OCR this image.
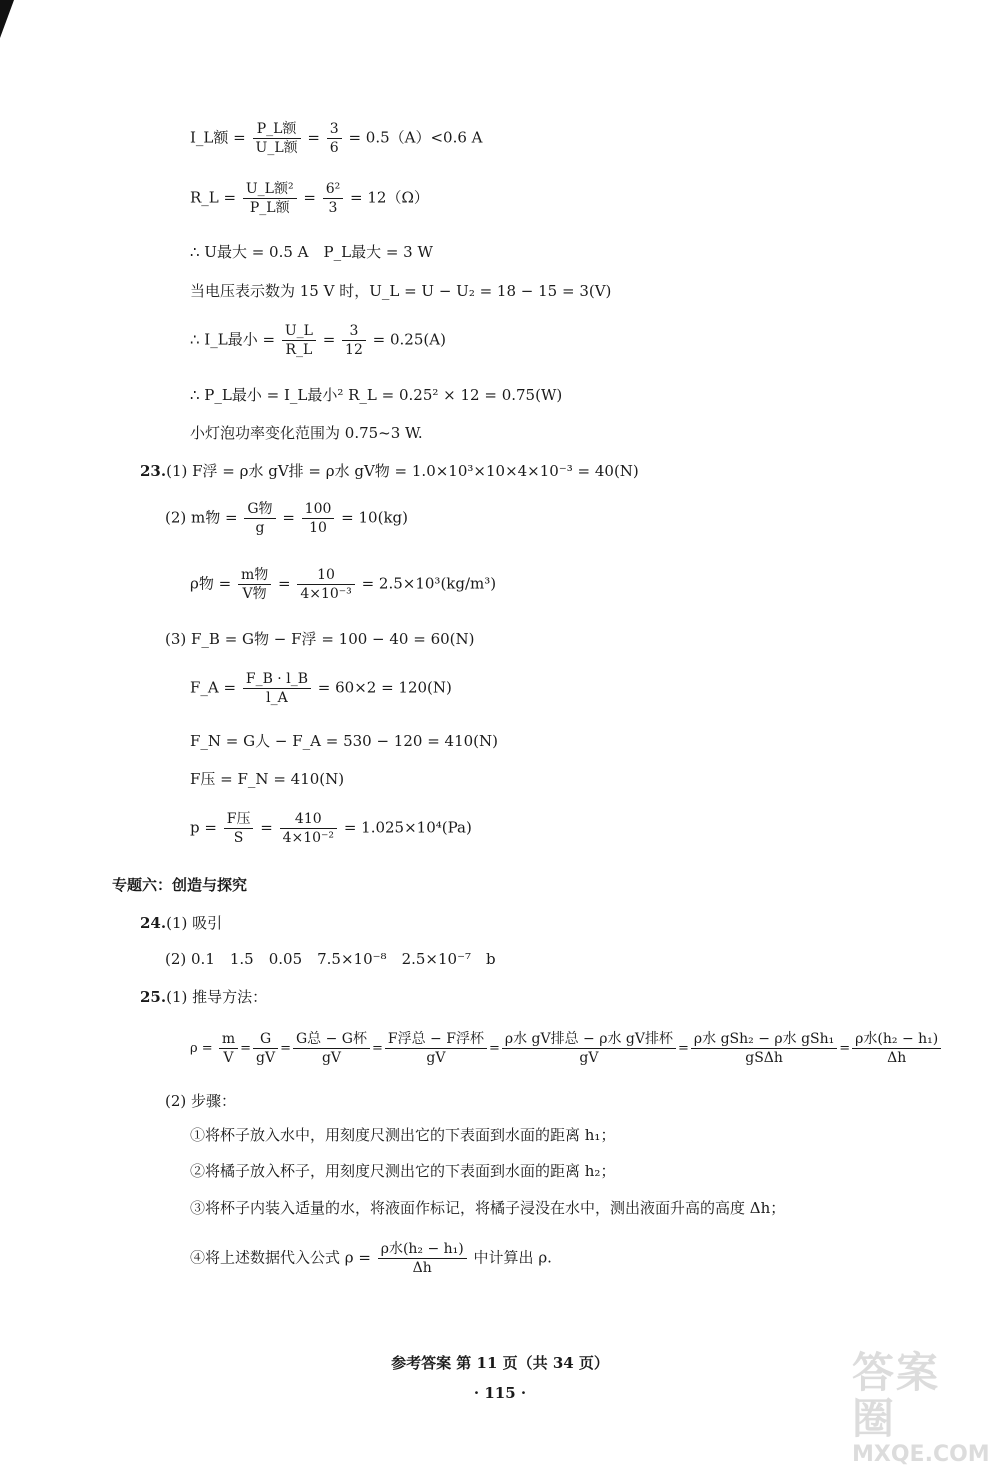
I_L额 = $\frac{\text{P\_L额}}{\text{U\_L额}} = \frac{3}{6} = 0.5(A)<0.6$ A
R_L = $\frac{\text{U\_L额²}}{\text{P\_L额}} = \frac{\text{6²}}{3} = 12(\Omega)$
∴ U最大 = 0.5 A　P_L最大 = 3 W
当电压表示数为 15 V 时，U_L = U − U₂ = 18 − 15 = 3(V)
∴ I_L最小 = $\frac{U\_L}{R\_L} = \frac{3}{12} = 0.25(A)$
∴ P_L最小 = I_L最小² R_L = 0.25² × 12 = 0.75(W)
小灯泡功率变化范围为 0.75~3 W.
23.(1) F浮 = ρ水 gV排 = ρ水 gV物 = 1.0×10³×10×4×10⁻³ = 40(N)
(2) m物 = $\frac{\text{G物}}{g} = \frac{100}{10} = 10(kg)$
ρ物 = $\frac{\text{m物}}{\text{V物}} = \frac{10}{\text{4×10⁻³}} = 2.5\times 10^3(kg/m^3)$
(3) F_B = G物 − F浮 = 100 − 40 = 60(N)
F_A = $\frac{F\_B \cdot l\_B}{l\_A} = 60\times 2 = 120(N)$
F_N = G人 − F_A = 530 − 120 = 410(N)
F压 = F_N = 410(N)
$p = \frac{\text{F压}}{S} = \frac{410}{\text{4×10⁻²}} = 1.025\times 10^4(Pa)$
专题六：创造与探究
24.(1) 吸引
(2) 0.1　1.5　0.05　7.5×10⁻⁸　2.5×10⁻⁷　b
25.(1) 推导方法：
$\rho = \frac{m}{V} = \frac{G}{gV} = \frac{\text{G总 − G杯}}{gV} = \frac{\text{F浮总 − F浮杯}}{gV} = \frac{\text{ρ水 gV排总 − ρ水 gV排杯}}{gV} = \frac{\text{ρ水 gSh₂ − ρ水 gSh₁}}{\text{gSΔh}} = \frac{\text{ρ水(h₂ − h₁)}}{\Delta h}$
(2) 步骤：
①将杯子放入水中，用刻度尺测出它的下表面到水面的距离 h₁；
②将橘子放入杯子，用刻度尺测出它的下表面到水面的距离 h₂；
③将杯子内装入适量的水，将液面作标记，将橘子浸没在水中，测出液面升高的高度 Δh；
④将上述数据代入公式 $\rho = \frac{\text{ρ水(h₂ − h₁)}}{\Delta h}$ 中计算出 ρ.
参考答案 第 11 页（共 34 页）
· 115 ·	答案圈
MXQE.COM
